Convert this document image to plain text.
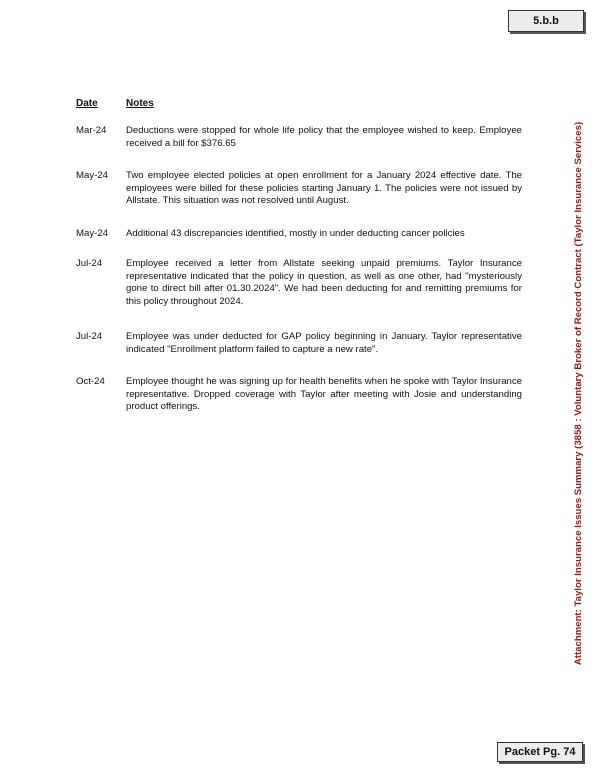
5.b.b
Attachment: Taylor Insurance Issues Summary (3858 : Voluntary Broker of Record Contract (Taylor Insurance Services)
Date	Notes
Mar-24 Deductions were stopped for whole life policy that the employee wished to keep. Employee received a bill for $376.65
May-24 Two employee elected policies at open enrollment for a January 2024 effective date. The employees were billed for these policies starting January 1. The policies were not issued by Allstate. This situation was not resolved until August.
May-24 Additional 43 discrepancies identified, mostly in under deducting cancer policies
Jul-24 Employee received a letter from Allstate seeking unpaid premiums. Taylor Insurance representative indicated that the policy in question, as well as one other, had "mysteriously gone to direct bill after 01.30.2024". We had been deducting for and remitting premiums for this policy throughout 2024.
Jul-24 Employee was under deducted for GAP policy beginning in January. Taylor representative indicated "Enrollment platform failed to capture a new rate".
Oct-24 Employee thought he was signing up for health benefits when he spoke with Taylor Insurance representative. Dropped coverage with Taylor after meeting with Josie and understanding product offerings.
Packet Pg. 74
